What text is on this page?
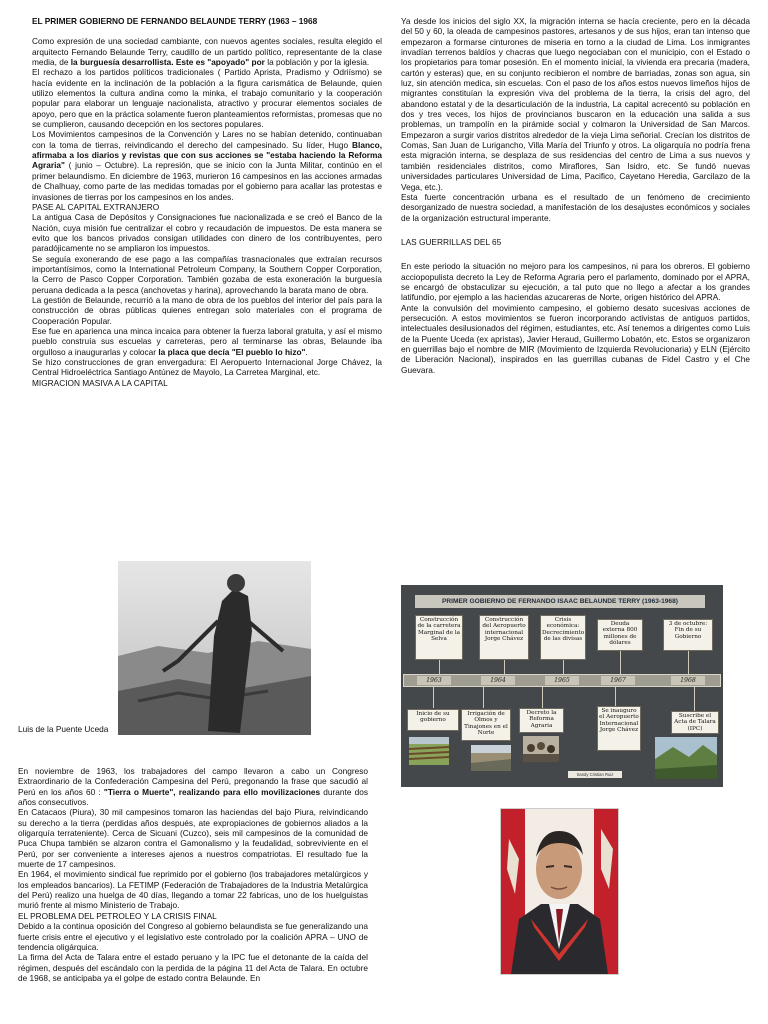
EL PRIMER GOBIERNO DE FERNANDO BELAUNDE TERRY (1963 – 1968

Como expresión de una sociedad cambiante, con nuevos agentes sociales, resulta elegido el arquitecto Fernando Belaunde Terry, caudillo de un partido político, representante de la clase media, de la burguesía desarrollista. Este es "apoyado" por la población y por la iglesia.

El rechazo a los partidos políticos tradicionales ( Partido Aprista, Pradismo y Odriísmo) se hacía evidente en la inclinación de la población a la figura carismática de Belaunde, quien utilizo elementos la cultura andina como la minka, el trabajo comunitario y la cooperación popular para elaborar un lenguaje nacionalista, atractivo y procurar elementos sociales de apoyo, pero que en la práctica solamente fueron planteamientos reformistas, promesas que no se cumplieron, causando decepción en los sectores populares.

Los Movimientos campesinos de la Convención y Lares no se habían detenido, continuaban con la toma de tierras, reivindicando el derecho del campesinado. Su líder, Hugo Blanco, afirmaba a los diarios y revistas que con sus acciones se "estaba haciendo la Reforma Agraria" ( junio – Octubre). La represión, que se inicio con la Junta Militar, continúo en el primer belaundismo. En diciembre de 1963, murieron 16 campesinos en las acciones armadas de Chalhuay, como parte de las medidas tomadas por el gobierno para acallar las protestas e invasiones de tierras por los campesinos en los andes.

PASE AL CAPITAL EXTRANJERO

La antigua Casa de Depósitos y Consignaciones fue nacionalizada e se creó el Banco de la Nación, cuya misión fue centralizar el cobro y recaudación de impuestos. De esta manera se evito que los bancos privados consigan utilidades con dinero de los contribuyentes, pero paradójicamente no se ampliaron los impuestos.

Se seguía exonerando de ese pago a las compañías trasnacionales que extraían recursos importantísimos, como la International Petroleum Company, la Southern Copper Corporation, la Cerro de Pasco Copper Corporation. También gozaba de esta exoneración la burguesía peruana dedicada a la pesca (anchovetas y harina), aprovechando la barata mano de obra.

La gestión de Belaunde, recurrió a la mano de obra de los pueblos del interior del país para la construcción de obras públicas quienes entregan solo materiales con el programa de Cooperación Popular.

Ese fue en aparienca una minca incaica para obtener la fuerza laboral gratuita, y así el mismo pueblo construía sus escuelas y carreteras, pero al terminarse las obras, Belaunde iba orgulloso a inaugurarlas y colocar la placa que decía "El pueblo lo hizo".

Se hizo construcciones de gran envergadura: El Aeropuerto Internacional Jorge Chávez, la Central Hidroeléctrica Santiago Antúnez de Mayolo, La Carretea Marginal, etc.

MIGRACION MASIVA A LA CAPITAL

Ya desde los inicios del siglo XX, la migración interna se hacía creciente, pero en la década del 50 y 60, la oleada de campesinos pastores, artesanos y de sus hijos, eran tan intenso que empezaron a formarse cinturones de miseria en torno a la ciudad de Lima. Los inmigrantes invadían terrenos baldíos y chacras que luego negociaban con el municipio, con el Estado o los propietarios para tomar posesión. En el momento inicial, la vivienda era precaria (madera, cartón y esteras) que, en su conjunto recibieron el nombre de barriadas, zonas son agua, sin luz, sin atención medica, sin escuelas. Con el paso de los años estos nuevos limeños hijos de migrantes constituían la expresión viva del problema de la tierra, la crisis del agro, del abandono estatal y de la desarticulación de la industria, La capital acrecentó su población en dos y tres veces, los hijos de provincianos buscaron en la educación una salida a sus problemas, un trampolín en la pirámide social y colmaron la Universidad de San Marcos. Empezaron a surgir varios distritos alrededor de la vieja Lima señorial. Crecían los distritos de Comas, San Juan de Lurigancho, Villa María del Triunfo y otros. La oligarquía no podría frena esta migración interna, se desplaza de sus residencias del centro de Lima a sus nuevos y también residenciales distritos, como Miraflores, San Isidro, etc. Se fundó nuevas universidades particulares Universidad de Lima, Pacifico, Cayetano Heredia, Garcilazo de la Vega, etc.).

Esta fuerte concentración urbana es el resultado de un fenómeno de crecimiento desorganizado de nuestra sociedad, a manifestación de los desajustes económicos y sociales de la organización estructural imperante.

LAS GUERRILLAS DEL 65

En este periodo la situación no mejoro para los campesinos, ni para los obreros. El gobierno acciopopulista decreto la Ley de Reforma Agraria pero el parlamento, dominado por el APRA, se encargó de obstaculizar su ejecución, a tal puto que no llego a afectar a los grandes latifundio, por ejemplo a las haciendas azucareras de Norte, origen histórico del APRA.

Ante la convulsión del movimiento campesino, el gobierno desato sucesivas acciones de persecución. A estos movimientos se fueron incorporando activistas de antiguos partidos, intelectuales desilusionados del régimen, estudiantes, etc. Así tenemos a dirigentes como Luis de la Puente Uceda (ex apristas), Javier Heraud, Guillermo Lobatón, etc. Estos se organizaron en guerrillas bajo el nombre de MIR (Movimiento de Izquierda Revolucionaria) y ELN (Ejército de Liberación Nacional), inspirados en las guerrillas cubanas de Fidel Castro y el Che Guevara.

Luis de la Puente Uceda
PRIMER GOBIERNO DE FERNANDO ISAAC BELAUNDE TERRY (1963-1968)
Construcción de la carretera Marginal de la Selva
Construcción del Aeropuerto internacional Jorge Chávez
Crisis económica: Decrecimiento de las divisas
Deuda externa 800 millones de dólares
3 de octubre: Fin de su Gobierno
1963	1964	1965	1967	1968
Inicio de su gobierno
Irrigación de Olmos y Tinajones en el Norte
Decreto la Reforma Agraria
Se inauguro el Aeropuerto Internacional Jorge Chávez
Suscribe el Acta de Talara (IPC)
Sandy Cristian Ruiz

En noviembre de 1963, los trabajadores del campo llevaron a cabo un Congreso Extraordinario de la Confederación Campesina del Perú, pregonando la frase que sacudió al Perú en los años 60 : "Tierra o Muerte", realizando para ello movilizaciones durante dos años consecutivos.

En Catacaos (Piura), 30 mil campesinos tomaron las haciendas del bajo Piura, reivindicando su derecho a la tierra (perdidas años después, ate expropiaciones de gobiernos aliados a la oligarquía terrateniente). Cerca de Sicuani (Cuzco), seis mil campesinos de la comunidad de Puca Chupa también se alzaron contra el Gamonalismo y la feudalidad, sobreviviente en el Perú, por ser conveniente a intereses ajenos a nuestros compatriotas. El resultado fue la muerte de 17 campesinos.

En 1964, el movimiento sindical fue reprimido por el gobierno (los trabajadores metalúrgicos y los empleados bancarios). La FETIMP (Federación de Trabajadores de la Industria Metalúrgica del Perú) realizo una huelga de 40 días, llegando a tomar 22 fabricas, uno de los huelguistas murió frente al mismo Ministerio de Trabajo.

EL PROBLEMA DEL PETROLEO Y LA CRISIS FINAL

Debido a la continua oposición del Congreso al gobierno belaundista se fue generalizando una fuerte crisis entre el ejecutivo y el legislativo este controlado por la coalición APRA – UNO de tendencia oligárquica.

La firma del Acta de Talara entre el estado peruano y la IPC fue el detonante de la caída del régimen, después del escándalo con la perdida de la página 11 del Acta de Talara. En octubre de 1968, se anticipaba ya el golpe de estado contra Belaunde. En
